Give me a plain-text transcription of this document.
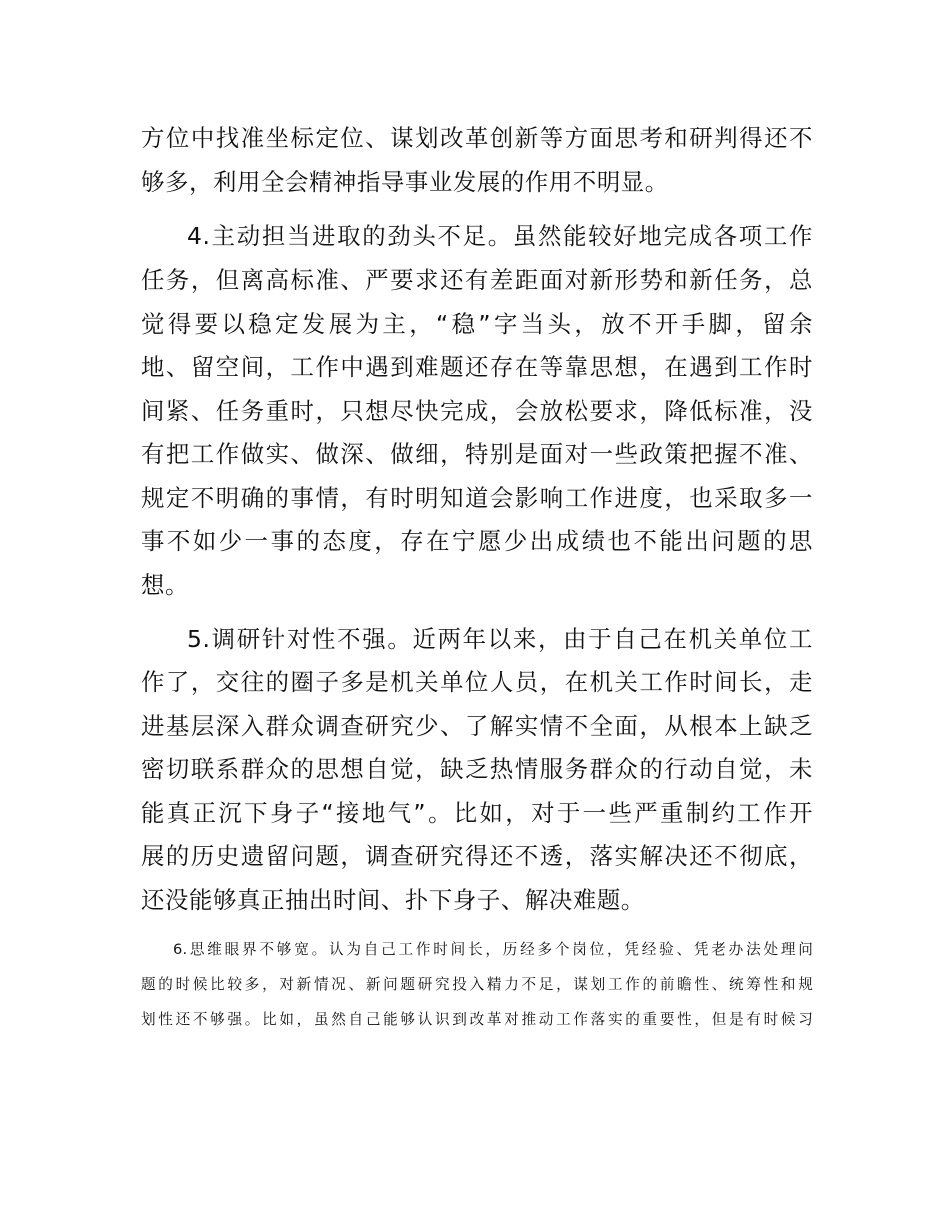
方位中找准坐标定位、谋划改革创新等方面思考和研判得还不
够多，利用全会精神指导事业发展的作用不明显。
4.主动担当进取的劲头不足。虽然能较好地完成各项工作
任务，但离高标准、严要求还有差距面对新形势和新任务，总
觉得要以稳定发展为主，“稳”字当头，放不开手脚，留余
地、留空间，工作中遇到难题还存在等靠思想，在遇到工作时
间紧、任务重时，只想尽快完成，会放松要求，降低标准，没
有把工作做实、做深、做细，特别是面对一些政策把握不准、
规定不明确的事情，有时明知道会影响工作进度，也采取多一
事不如少一事的态度，存在宁愿少出成绩也不能出问题的思
想。
5.调研针对性不强。近两年以来，由于自己在机关单位工
作了，交往的圈子多是机关单位人员，在机关工作时间长，走
进基层深入群众调查研究少、了解实情不全面，从根本上缺乏
密切联系群众的思想自觉，缺乏热情服务群众的行动自觉，未
能真正沉下身子“接地气”。比如，对于一些严重制约工作开
展的历史遗留问题，调查研究得还不透，落实解决还不彻底，
还没能够真正抽出时间、扑下身子、解决难题。
6.思维眼界不够宽。认为自己工作时间长，历经多个岗位，凭经验、凭老办法处理问
题的时候比较多，对新情况、新问题研究投入精力不足，谋划工作的前瞻性、统筹性和规
划性还不够强。比如，虽然自己能够认识到改革对推动工作落实的重要性，但是有时候习
